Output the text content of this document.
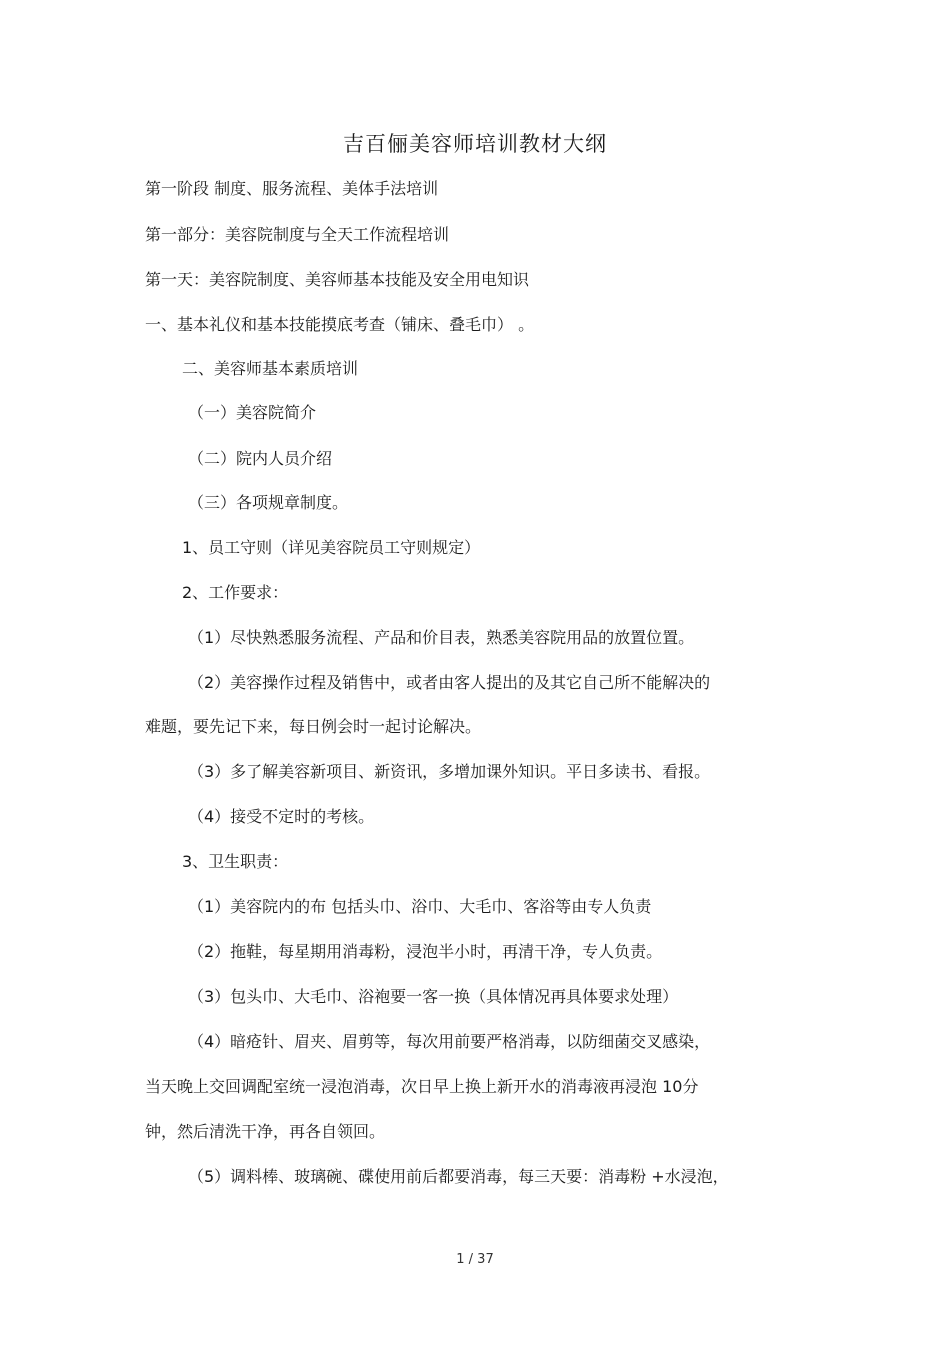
吉百俪美容师培训教材大纲

第一阶段 制度、服务流程、美体手法培训

第一部分：美容院制度与全天工作流程培训

第一天：美容院制度、美容师基本技能及安全用电知识

一、基本礼仪和基本技能摸底考查（铺床、叠毛巾） 。

二、美容师基本素质培训

（一）美容院简介

（二）院内人员介绍

（三）各项规章制度。

1、员工守则（详见美容院员工守则规定）

2、工作要求：

（1）尽快熟悉服务流程、产品和价目表，熟悉美容院用品的放置位置。

（2）美容操作过程及销售中，或者由客人提出的及其它自己所不能解决的

难题，要先记下来，每日例会时一起讨论解决。

（3）多了解美容新项目、新资讯，多增加课外知识。平日多读书、看报。

（4）接受不定时的考核。

3、卫生职责：

（1）美容院内的布 包括头巾、浴巾、大毛巾、客浴等由专人负责

（2）拖鞋，每星期用消毒粉，浸泡半小时，再清干净，专人负责。

（3）包头巾、大毛巾、浴袍要一客一换（具体情况再具体要求处理）

（4）暗疮针、眉夹、眉剪等，每次用前要严格消毒，以防细菌交叉感染，

当天晚上交回调配室统一浸泡消毒，次日早上换上新开水的消毒液再浸泡 10分

钟，然后清洗干净，再各自领回。

（5）调料棒、玻璃碗、碟使用前后都要消毒，每三天要：消毒粉 +水浸泡，

1 / 37
